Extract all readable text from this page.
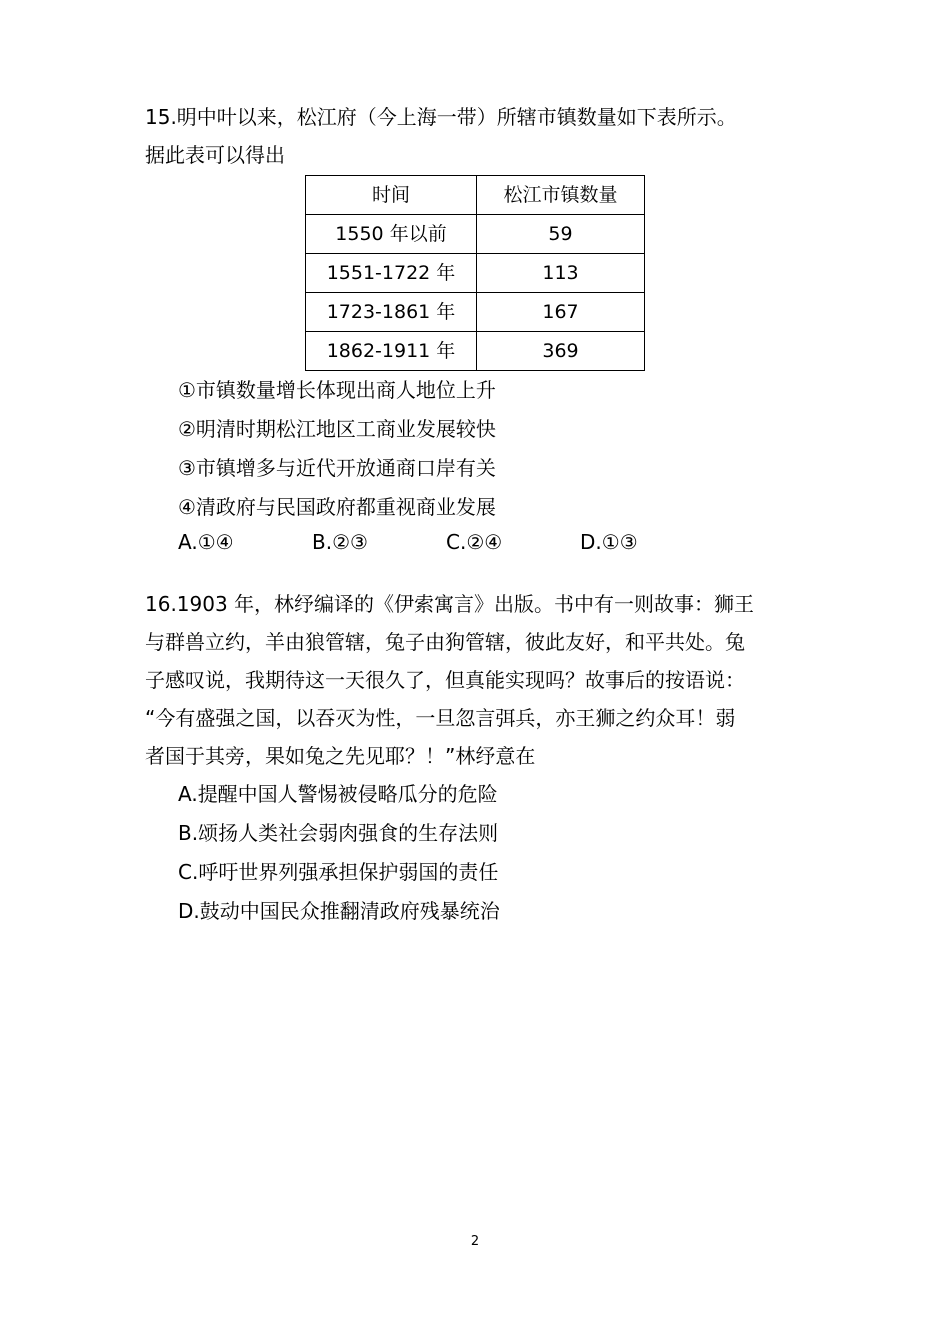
15.明中叶以来，松江府（今上海一带）所辖市镇数量如下表所示。
据此表可以得出
时间	松江市镇数量
1550 年以前	59
1551-1722 年	113
1723-1861 年	167
1862-1911 年	369
①市镇数量增长体现出商人地位上升
②明清时期松江地区工商业发展较快
③市镇增多与近代开放通商口岸有关
④清政府与民国政府都重视商业发展
A.①④	B.②③	C.②④	D.①③
16.1903 年，林纾编译的《伊索寓言》出版。书中有一则故事：狮王
与群兽立约，羊由狼管辖，兔子由狗管辖，彼此友好，和平共处。兔
子感叹说，我期待这一天很久了，但真能实现吗？故事后的按语说：
“今有盛强之国，以吞灭为性，一旦忽言弭兵，亦王狮之约众耳！弱
者国于其旁，果如兔之先见耶？！”林纾意在
A.提醒中国人警惕被侵略瓜分的危险
B.颂扬人类社会弱肉强食的生存法则
C.呼吁世界列强承担保护弱国的责任
D.鼓动中国民众推翻清政府残暴统治
2
